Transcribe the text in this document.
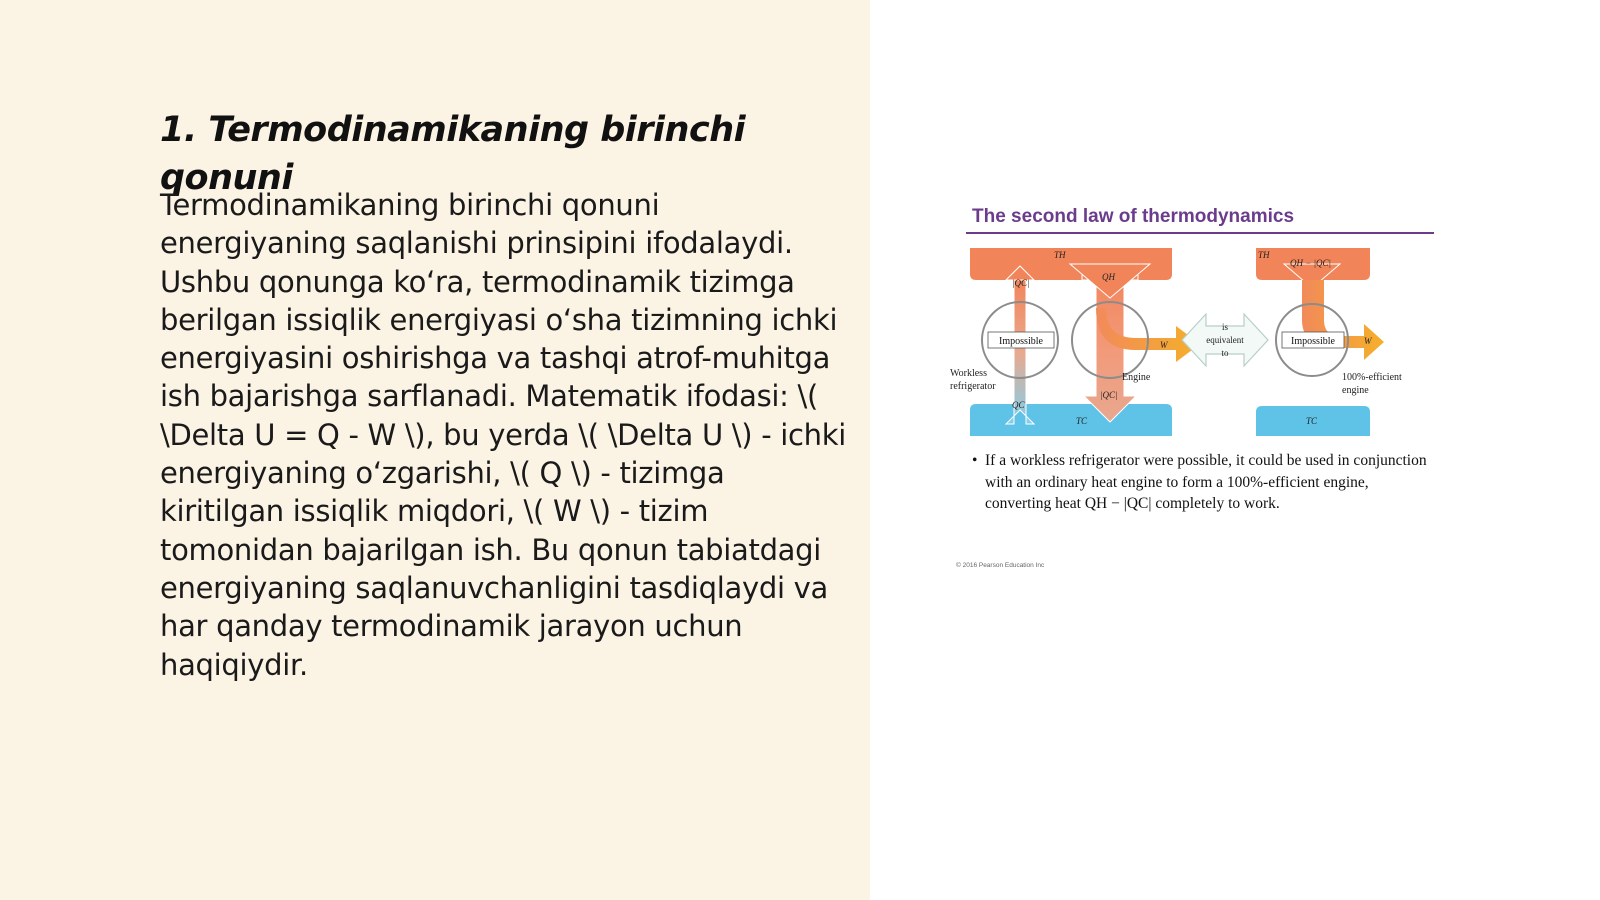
1. Termodinamikaning birinchi qonuni

Termodinamikaning birinchi qonuni energiyaning saqlanishi prinsipini ifodalaydi. Ushbu qonunga ko‘ra, termodinamik tizimga berilgan issiqlik energiyasi o‘sha tizimning ichki energiyasini oshirishga va tashqi atrof-muhitga ish bajarishga sarflanadi. Matematik ifodasi: \( \Delta U = Q - W \), bu yerda \( \Delta U \) - ichki energiyaning o‘zgarishi, \( Q \) - tizimga kiritilgan issiqlik miqdori, \( W \) - tizim tomonidan bajarilgan ish. Bu qonun tabiatdagi energiyaning saqlanuvchanligini tasdiqlaydi va har qanday termodinamik jarayon uchun haqiqiydir.

The second law of thermodynamics
Impossible
TH
TC
|QC|
QH
|QC|
QC
W
Workless
refrigerator
Engine
is
equivalent
to
Impossible
TH
QH − |QC|
W
TC
100%-efficient
engine
• If a workless refrigerator were possible, it could be used in conjunction with an ordinary heat engine to form a 100%-efficient engine, converting heat QH − |QC| completely to work.
© 2016 Pearson Education Inc
